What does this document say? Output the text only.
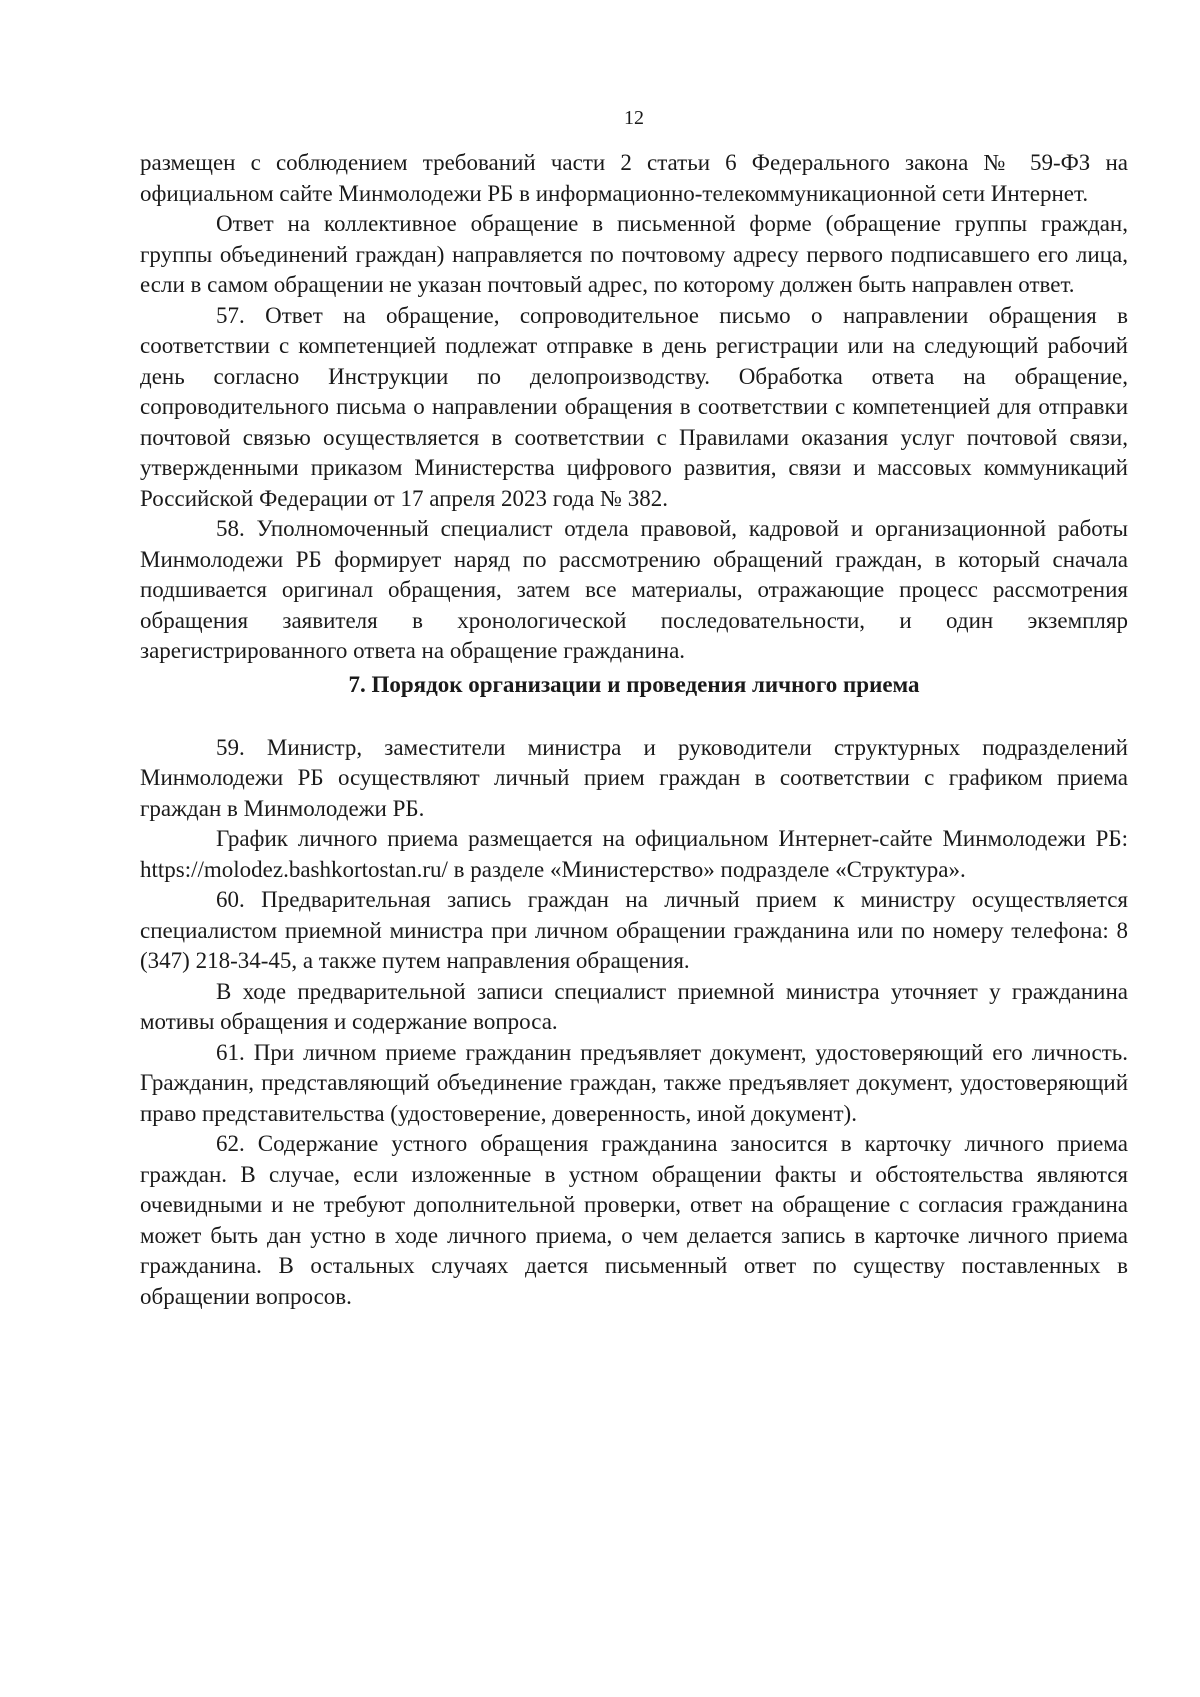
12

размещен с соблюдением требований части 2 статьи 6 Федерального закона № 59-ФЗ на официальном сайте Минмолодежи РБ в информационно-телекоммуникационной сети Интернет.

Ответ на коллективное обращение в письменной форме (обращение группы граждан, группы объединений граждан) направляется по почтовому адресу первого подписавшего его лица, если в самом обращении не указан почтовый адрес, по которому должен быть направлен ответ.

57. Ответ на обращение, сопроводительное письмо о направлении обращения в соответствии с компетенцией подлежат отправке в день регистрации или на следующий рабочий день согласно Инструкции по делопроизводству. Обработка ответа на обращение, сопроводительного письма о направлении обращения в соответствии с компетенцией для отправки почтовой связью осуществляется в соответствии с Правилами оказания услуг почтовой связи, утвержденными приказом Министерства цифрового развития, связи и массовых коммуникаций Российской Федерации от 17 апреля 2023 года № 382.

58. Уполномоченный специалист отдела правовой, кадровой и организационной работы Минмолодежи РБ формирует наряд по рассмотрению обращений граждан, в который сначала подшивается оригинал обращения, затем все материалы, отражающие процесс рассмотрения обращения заявителя в хронологической последовательности, и один экземпляр зарегистрированного ответа на обращение гражданина.

7. Порядок организации и проведения личного приема

59. Министр, заместители министра и руководители структурных подразделений Минмолодежи РБ осуществляют личный прием граждан в соответствии с графиком приема граждан в Минмолодежи РБ.

График личного приема размещается на официальном Интернет-сайте Минмолодежи РБ: https://molodez.bashkortostan.ru/ в разделе «Министерство» подразделе «Структура».

60. Предварительная запись граждан на личный прием к министру осуществляется специалистом приемной министра при личном обращении гражданина или по номеру телефона: 8 (347) 218-34-45, а также путем направления обращения.

В ходе предварительной записи специалист приемной министра уточняет у гражданина мотивы обращения и содержание вопроса.

61. При личном приеме гражданин предъявляет документ, удостоверяющий его личность. Гражданин, представляющий объединение граждан, также предъявляет документ, удостоверяющий право представительства (удостоверение, доверенность, иной документ).

62. Содержание устного обращения гражданина заносится в карточку личного приема граждан. В случае, если изложенные в устном обращении факты и обстоятельства являются очевидными и не требуют дополнительной проверки, ответ на обращение с согласия гражданина может быть дан устно в ходе личного приема, о чем делается запись в карточке личного приема гражданина. В остальных случаях дается письменный ответ по существу поставленных в обращении вопросов.
